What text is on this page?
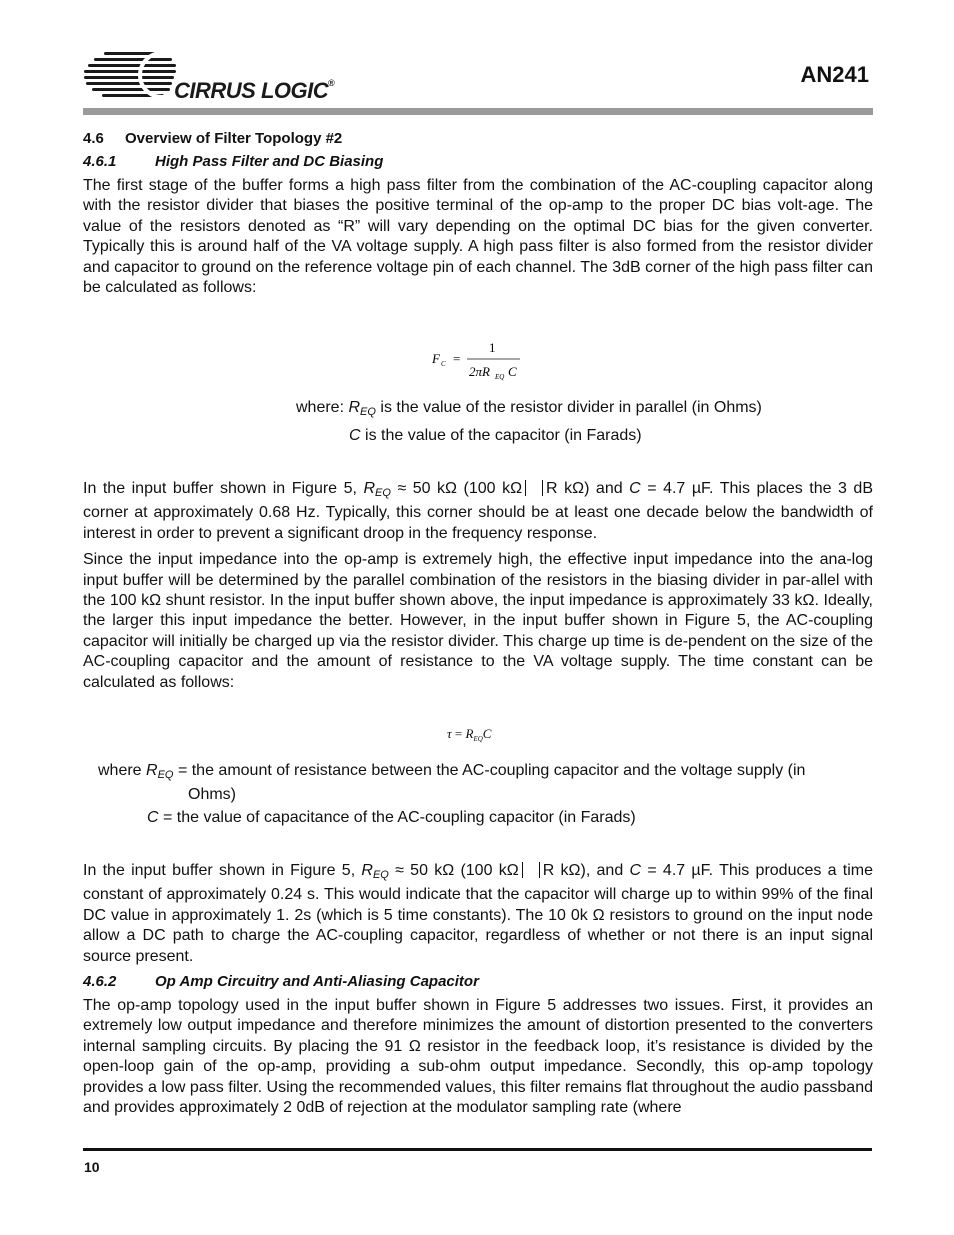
CIRRUS LOGIC®	AN241
4.6 Overview of Filter Topology #2
4.6.1	High Pass Filter and DC Biasing

The first stage of the buffer forms a high pass filter from the combination of the AC-coupling capacitor along with the resistor divider that biases the positive terminal of the op-amp to the proper DC bias volt-age. The value of the resistors denoted as “R” will vary depending on the optimal DC bias for the given converter. Typically this is around half of the VA voltage supply. A high pass filter is also formed from the resistor divider and capacitor to ground on the reference voltage pin of each channel. The 3dB corner of the high pass filter can be calculated as follows:

F C =
1
2πR EQ C
where: $R_{EQ}$ is the value of the resistor divider in parallel (in Ohms)
C is the value of the capacitor (in Farads)

In the input buffer shown in Figure 5, $R_{EQ} \approx 50$ kΩ (100 kΩ R kΩ) and C = 4.7 µF. This places the 3 dB corner at approximately 0.68 Hz. Typically, this corner should be at least one decade below the bandwidth of interest in order to prevent a significant droop in the frequency response.

Since the input impedance into the op-amp is extremely high, the effective input impedance into the ana-log input buffer will be determined by the parallel combination of the resistors in the biasing divider in par-allel with the 100 kΩ shunt resistor. In the input buffer shown above, the input impedance is approximately 33 kΩ. Ideally, the larger this input impedance the better. However, in the input buffer shown in Figure 5, the AC-coupling capacitor will initially be charged up via the resistor divider. This charge up time is de-pendent on the size of the AC-coupling capacitor and the amount of resistance to the VA voltage supply. The time constant can be calculated as follows:

$\tau = R_{EQ}C$
where $R_{EQ}$ = the amount of resistance between the AC-coupling capacitor and the voltage supply (in
Ohms)
C = the value of capacitance of the AC-coupling capacitor (in Farads)

In the input buffer shown in Figure 5, $R_{EQ} \approx 50$ kΩ (100 kΩ R kΩ), and C = 4.7 µF. This produces a time constant of approximately 0.24 s. This would indicate that the capacitor will charge up to within 99% of the final DC value in approximately 1. 2s (which is 5 time constants). The 10 0k Ω resistors to ground on the input node allow a DC path to charge the AC-coupling capacitor, regardless of whether or not there is an input signal source present.

4.6.2	Op Amp Circuitry and Anti-Aliasing Capacitor

The op-amp topology used in the input buffer shown in Figure 5 addresses two issues. First, it provides an extremely low output impedance and therefore minimizes the amount of distortion presented to the converters internal sampling circuits. By placing the 91 Ω resistor in the feedback loop, it’s resistance is divided by the open-loop gain of the op-amp, providing a sub-ohm output impedance. Secondly, this op-amp topology provides a low pass filter. Using the recommended values, this filter remains flat throughout the audio passband and provides approximately 2 0dB of rejection at the modulator sampling rate (where

10
